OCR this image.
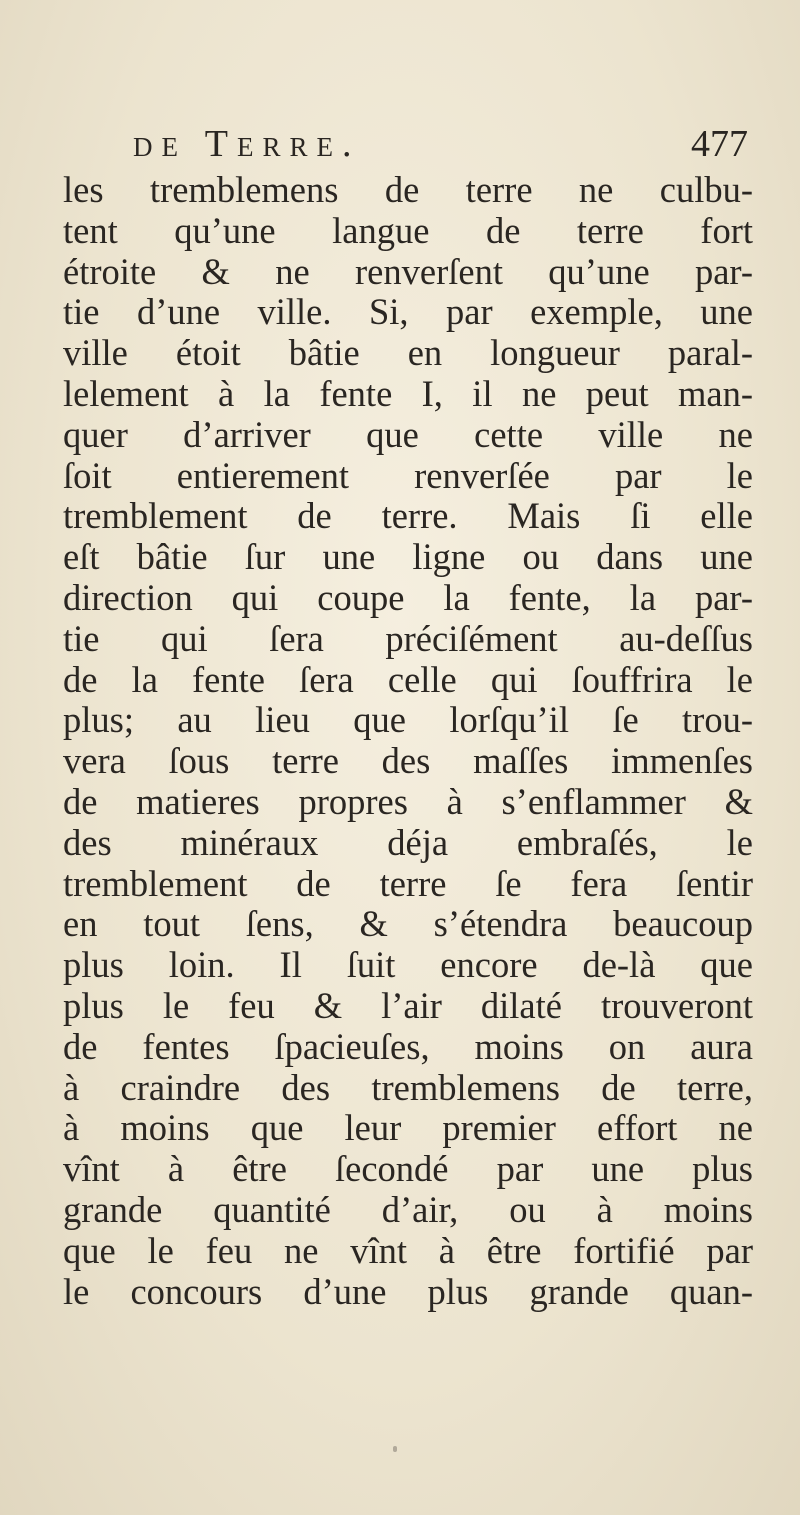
de Terre.	477
les tremblemens de terre ne culbu-
tent qu’une langue de terre fort
étroite & ne renverſent qu’une par-
tie d’une ville. Si, par exemple, une
ville étoit bâtie en longueur paral-
lelement à la fente I, il ne peut man-
quer d’arriver que cette ville ne
ſoit entierement renverſée par le
tremblement de terre. Mais ſi elle
eſt bâtie ſur une ligne ou dans une
direction qui coupe la fente, la par-
tie qui ſera préciſément au-deſſus
de la fente ſera celle qui ſouffrira le
plus; au lieu que lorſqu’il ſe trou-
vera ſous terre des maſſes immenſes
de matieres propres à s’enflammer &
des minéraux déja embraſés, le
tremblement de terre ſe fera ſentir
en tout ſens, & s’étendra beaucoup
plus loin. Il ſuit encore de-là que
plus le feu & l’air dilaté trouveront
de fentes ſpacieuſes, moins on aura
à craindre des tremblemens de terre,
à moins que leur premier effort ne
vînt à être ſecondé par une plus
grande quantité d’air, ou à moins
que le feu ne vînt à être fortifié par
le concours d’une plus grande quan-
